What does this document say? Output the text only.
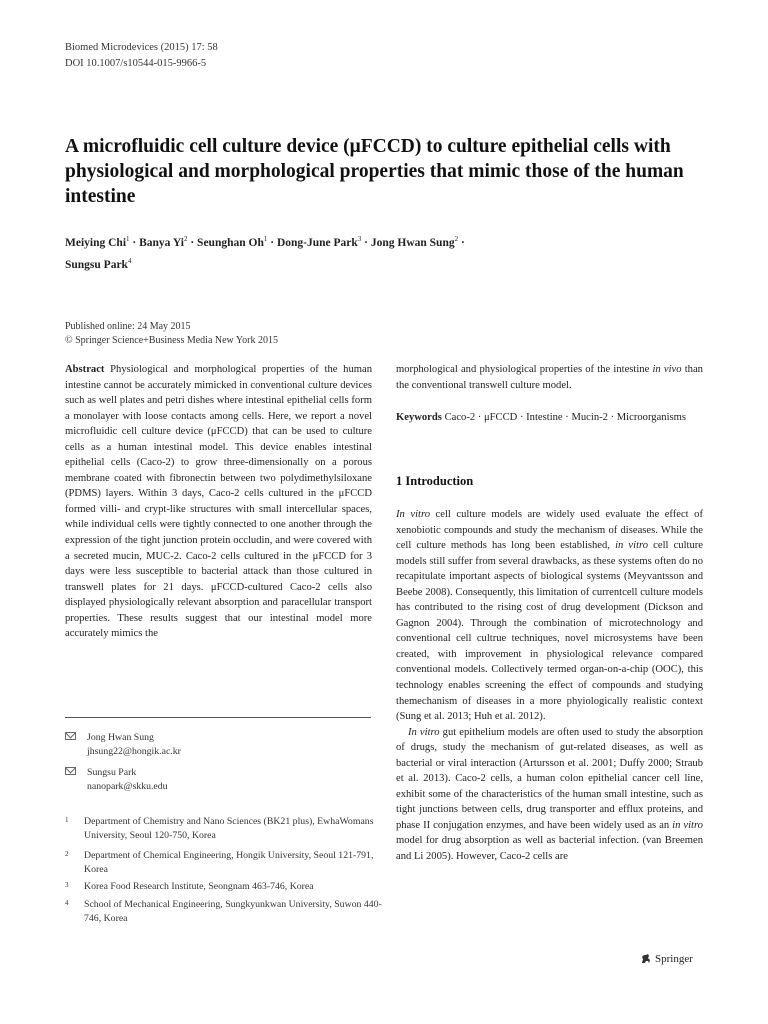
Biomed Microdevices (2015) 17: 58
DOI 10.1007/s10544-015-9966-5
A microfluidic cell culture device (μFCCD) to culture epithelial cells with physiological and morphological properties that mimic those of the human intestine
Meiying Chi$^1$ · Banya $Yi^2$ · Seunghan $Oh^1$ · Dong-June Park$^3$ · Jong Hwan Sung$^2$ ·
Sungsu Park$^4$
Published online: 24 May 2015
© Springer Science+Business Media New York 2015

Abstract Physiological and morphological properties of the human intestine cannot be accurately mimicked in conventional culture devices such as well plates and petri dishes where intestinal epithelial cells form a monolayer with loose contacts among cells. Here, we report a novel microfluidic cell culture device (μFCCD) that can be used to culture cells as a human intestinal model. This device enables intestinal epithelial cells (Caco-2) to grow three-dimensionally on a porous membrane coated with fibronectin between two polydimethylsiloxane (PDMS) layers. Within 3 days, Caco-2 cells cultured in the μFCCD formed villi- and crypt-like structures with small intercellular spaces, while individual cells were tightly connected to one another through the expression of the tight junction protein occludin, and were covered with a secreted mucin, MUC-2. Caco-2 cells cultured in the μFCCD for 3 days were less susceptible to bacterial attack than those cultured in transwell plates for 21 days. μFCCD-cultured Caco-2 cells also displayed physiologically relevant absorption and paracellular transport properties. These results suggest that our intestinal model more accurately mimics the

morphological and physiological properties of the intestine in vivo than the conventional transwell culture model.

Keywords Caco-2 · μFCCD · Intestine · Mucin-2 · Microorganisms
1 Introduction

In vitro cell culture models are widely used evaluate the effect of xenobiotic compounds and study the mechanism of diseases. While the cell culture methods has long been established, in vitro cell culture models still suffer from several drawbacks, as these systems often do no recapitulate important aspects of biological systems (Meyvantsson and Beebe 2008). Consequently, this limitation of currentcell culture models has contributed to the rising cost of drug development (Dickson and Gagnon 2004). Through the combination of microtechnology and conventional cell cultrue techniques, novel microsystems have been created, with improvement in physiological relevance compared conventional models. Collectively termed organ-on-a-chip (OOC), this technology enables screening the effect of compounds and studying themechanism of diseases in a more phyiologically realistic context (Sung et al. 2013; Huh et al. 2012).

In vitro gut epithelium models are often used to study the absorption of drugs, study the mechanism of gut-related diseases, as well as bacterial or viral interaction (Artursson et al. 2001; Duffy 2000; Straub et al. 2013). Caco-2 cells, a human colon epithelial cancer cell line, exhibit some of the characteristics of the human small intestine, such as tight junctions between cells, drug transporter and efflux proteins, and phase II conjugation enzymes, and have been widely used as an in vitro model for drug absorption as well as bacterial infection. (van Breemen and Li 2005). However, Caco-2 cells are

Jong Hwan Sung
jhsung22@hongik.ac.kr
Sungsu Park
nanopark@skku.edu
1 Department of Chemistry and Nano Sciences (BK21 plus), EwhaWomans University, Seoul 120-750, Korea
2 Department of Chemical Engineering, Hongik University, Seoul 121-791, Korea
3 Korea Food Research Institute, Seongnam 463-746, Korea
4 School of Mechanical Engineering, Sungkyunkwan University, Suwon 440-746, Korea
Springer
